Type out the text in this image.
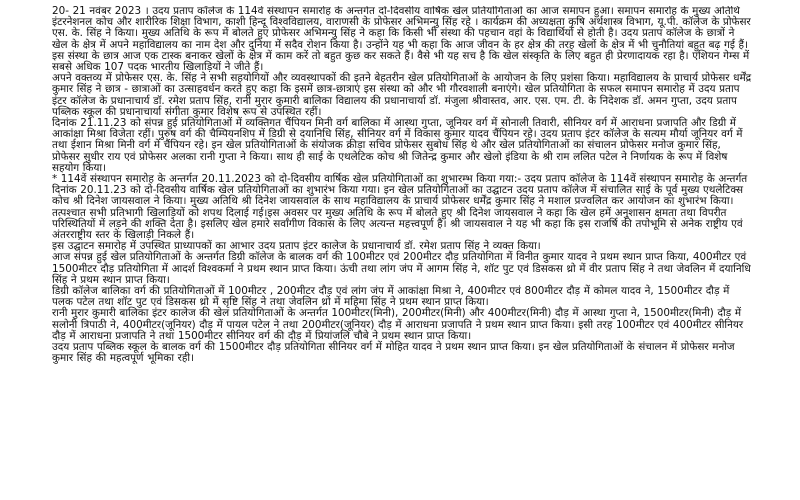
20- 21 नवंबर 2023 । उदय प्रताप कॉलेज के 114वें संस्थापन समारोह के अन्तर्गत दो-दिवसीय वार्षिक खेल प्रतियोगिताओं का आज समापन हुआ। समापन समारोह के मुख्य अतिथि इंटरनेशनल कोच और शारीरिक शिक्षा विभाग, काशी हिन्दू विश्वविद्यालय, वाराणसी के प्रोफेसर अभिमन्यु सिंह रहे । कार्यक्रम की अध्यक्षता कृषि अर्थशास्त्र विभाग, यू.पी. कॉलेज के प्रोफेसर एस. के. सिंह ने किया। मुख्य अतिथि के रूप में बोलते हुए प्रोफेसर अभिमन्यु सिंह ने कहा कि किसी भी संस्था की पहचान वहां के विद्यार्थियों से होती है। उदय प्रताप कॉलेज के छात्रों ने खेल के क्षेत्र में अपने महाविद्यालय का नाम देश और दुनिया में सदैव रोशन किया है। उन्होंने यह भी कहा कि आज जीवन के हर क्षेत्र की तरह खेलों के क्षेत्र में भी चुनौतियां बहुत बढ़ गई हैं। इस संस्था के छात्र आज एक टास्क बनाकर खेलों के क्षेत्र में काम करें तो बहुत कुछ कर सकते हैं। वैसे भी यह सच है कि खेल संस्कृति के लिए बहुत ही प्रेरणादायक रहा है। एशियन गेम्स में सबसे अधिक 107 पदक भारतीय खिलाड़ियों ने जीते हैं।

अपने वक्तव्य में प्रोफेसर एस. के. सिंह ने सभी सहयोगियों और व्यवस्थापकों की इतने बेहतरीन खेल प्रतियोगिताओं के आयोजन के लिए प्रशंसा किया। महाविद्यालय के प्राचार्य प्रोफेसर धर्मेंद्र कुमार सिंह ने छात्र - छात्राओं का उत्साहवर्धन करते हुए कहा कि इसमें छात्र-छात्राएं इस संस्था को और भी गौरवशाली बनाएंगे। खेल प्रतियोगिता के सफल समापन समारोह में उदय प्रताप इंटर कॉलेज के प्रधानाचार्य डॉ. रमेश प्रताप सिंह, रानी मुरार कुमारी बालिका विद्यालय की प्रधानाचार्या डॉ. मंजुला श्रीवास्तव, आर. एस. एम. टी. के निदेशक डॉ. अमन गुप्ता, उदय प्रताप पब्लिक स्कूल की प्रधानाचार्या संगीता कुमार विशेष रूप से उपस्थित रहीं।

दिनांक 21.11.23 को संपन्न हुई प्रतियोगिताओं में व्यक्तिगत चैंपियन मिनी वर्ग बालिका में आस्था गुप्ता, जूनियर वर्ग में सोनाली तिवारी, सीनियर वर्ग में आराधना प्रजापति और डिग्री में आकांक्षा मिश्रा विजेता रहीं। पुरुष वर्ग की चैम्पियनशिप में डिग्री से दयानिधि सिंह, सीनियर वर्ग में विकास कुमार यादव चैंपियन रहे। उदय प्रताप इंटर कॉलेज के सत्यम मौर्या जूनियर वर्ग में तथा ईशान मिश्रा मिनी वर्ग में चैंपियन रहे। इन खेल प्रतियोगिताओं के संयोजक क्रीड़ा सचिव प्रोफेसर सुबोध सिंह थे और खेल प्रतियोगिताओं का संचालन प्रोफेसर मनोज कुमार सिंह, प्रोफेसर सुधीर राय एवं प्रोफेसर अलका रानी गुप्ता ने किया। साथ ही साई के एथलेटिक कोच श्री जितेन्द्र कुमार और खेलो इंडिया के श्री राम ललित पटेल ने निर्णायक के रूप में विशेष सहयोग किया।

* 114वें संस्थापन समारोह के अन्तर्गत 20.11.2023 को दो-दिवसीय वार्षिक खेल प्रतियोगिताओं का शुभारम्भ किया गया:- उदय प्रताप कॉलेज के 114वें संस्थापन समारोह के अन्तर्गत दिनांक 20.11.23 को दो-दिवसीय वार्षिक खेल प्रतियोगिताओं का शुभारंभ किया गया। इन खेल प्रतियोगिताओं का उद्घाटन उदय प्रताप कॉलेज में संचालित साई के पूर्व मुख्य एथलेटिक्स कोच श्री दिनेश जायसवाल ने किया। मुख्य अतिथि श्री दिनेश जायसवाल के साथ महाविद्यालय के प्राचार्य प्रोफेसर धर्मेंद्र कुमार सिंह ने मशाल प्रज्वलित कर आयोजन का शुभारंभ किया। तत्पश्चात सभी प्रतिभागी खिलाड़ियों को शपथ दिलाई गई।इस अवसर पर मुख्य अतिथि के रूप में बोलते हुए श्री दिनेश जायसवाल ने कहा कि खेल हमें अनुशासन क्षमता तथा विपरीत परिस्थितियों में लड़ने की शक्ति देता है। इसलिए खेल हमारे सर्वांगीण विकास के लिए अत्यन्त महत्त्वपूर्ण है। श्री जायसवाल ने यह भी कहा कि इस राजर्षि की तपोभूमि से अनेक राष्ट्रीय एवं अंतरराष्ट्रीय स्तर के खिलाड़ी निकले हैं।

इस उद्घाटन समारोह में उपस्थित प्राध्यापकों का आभार उदय प्रताप इंटर कालेज के प्रधानाचार्य डॉ. रमेश प्रताप सिंह ने व्यक्त किया।

आज संपन्न हुई खेल प्रतियोगिताओं के अन्तर्गत डिग्री कॉलेज के बालक वर्ग की 100मीटर एवं 200मीटर दौड़ प्रतियोगिता में विनीत कुमार यादव ने प्रथम स्थान प्राप्त किया, 400मीटर एवं 1500मीटर दौड़ प्रतियोगिता में आदर्श विश्वकर्मा ने प्रथम स्थान प्राप्त किया। ऊंची तथा लांग जंप में आगम सिंह ने, शॉट पुट एवं डिसकस थ्रो में वीर प्रताप सिंह ने तथा जेवलिन में दयानिधि सिंह ने प्रथम स्थान प्राप्त किया।

डिग्री कॉलेज बालिका वर्ग की प्रतियोगिताओं में 100मीटर , 200मीटर दौड़ एवं लांग जंप में आकांक्षा मिश्रा ने, 400मीटर एवं 800मीटर दौड़ में कोमल यादव ने, 1500मीटर दौड़ में पलक पटेल तथा शॉट पुट एवं डिसकस थ्रो में सृष्टि सिंह ने तथा जेवलिन थ्रो में महिमा सिंह ने प्रथम स्थान प्राप्त किया।

रानी मुरार कुमारी बालिका इंटर कालेज की खेल प्रतियोगिताओं के अन्तर्गत 100मीटर(मिनी), 200मीटर(मिनी) और 400मीटर(मिनी) दौड़ में आस्था गुप्ता ने, 1500मीटर(मिनी) दौड़ में सलोनी त्रिपाठी ने, 400मीटर(जूनियर) दौड़ में पायल पटेल ने तथा 200मीटर(जूनियर) दौड़ में आराधना प्रजापति ने प्रथम स्थान प्राप्त किया। इसी तरह 100मीटर एवं 400मीटर सीनियर दौड़ में आराधना प्रजापति ने तथा 1500मीटर सीनियर वर्ग की दौड़ में प्रियांजलि चौबे ने प्रथम स्थान प्राप्त किया।

उदय प्रताप पब्लिक स्कूल के बालक वर्ग की 1500मीटर दौड़ प्रतियोगिता सीनियर वर्ग में मोहित यादव ने प्रथम स्थान प्राप्त किया। इन खेल प्रतियोगिताओं के संचालन में प्रोफेसर मनोज कुमार सिंह की महत्वपूर्ण भूमिका रही।
